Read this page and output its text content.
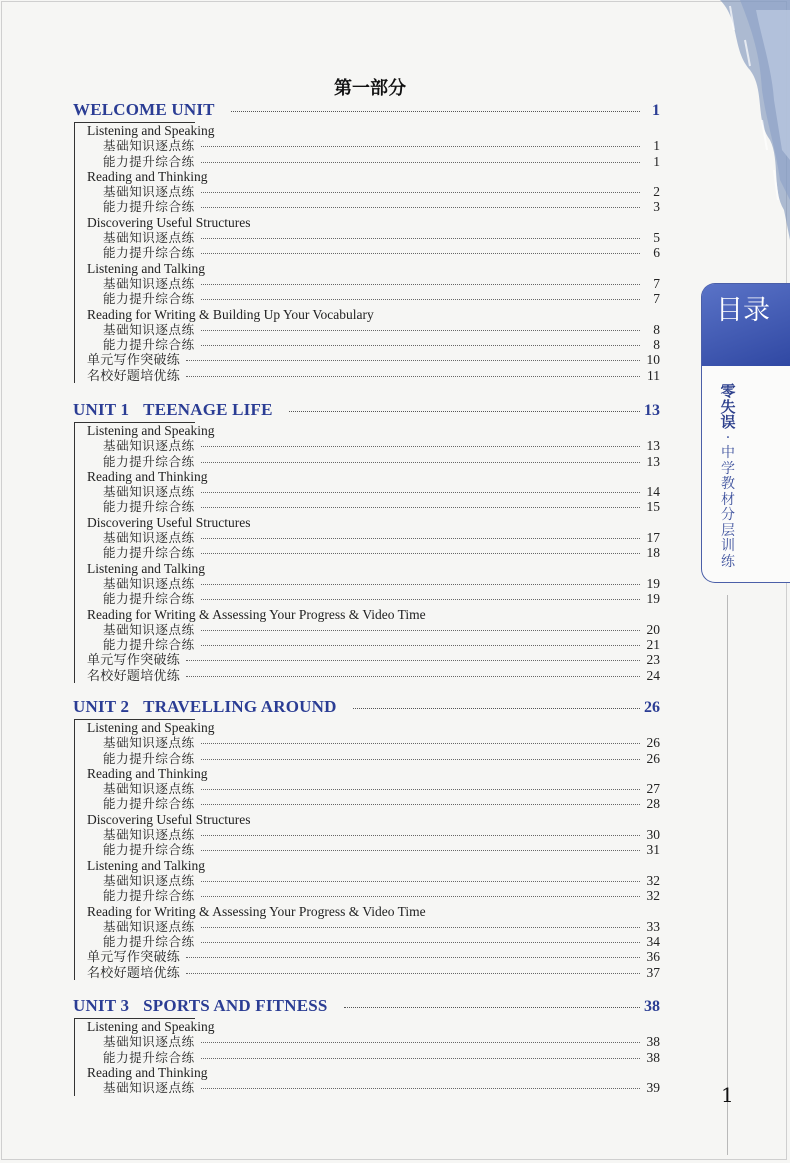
第一部分
目录
零失误
·
中学教材分层训练
1
WELCOME UNIT	1
Listening and Speaking
基础知识逐点练	1
能力提升综合练	1
Reading and Thinking
基础知识逐点练	2
能力提升综合练	3
Discovering Useful Structures
基础知识逐点练	5
能力提升综合练	6
Listening and Talking
基础知识逐点练	7
能力提升综合练	7
Reading for Writing & Building Up Your Vocabulary
基础知识逐点练	8
能力提升综合练	8
单元写作突破练	10
名校好题培优练	11
UNIT 1 TEENAGE LIFE	13
Listening and Speaking
基础知识逐点练	13
能力提升综合练	13
Reading and Thinking
基础知识逐点练	14
能力提升综合练	15
Discovering Useful Structures
基础知识逐点练	17
能力提升综合练	18
Listening and Talking
基础知识逐点练	19
能力提升综合练	19
Reading for Writing & Assessing Your Progress & Video Time
基础知识逐点练	20
能力提升综合练	21
单元写作突破练	23
名校好题培优练	24
UNIT 2 TRAVELLING AROUND	26
Listening and Speaking
基础知识逐点练	26
能力提升综合练	26
Reading and Thinking
基础知识逐点练	27
能力提升综合练	28
Discovering Useful Structures
基础知识逐点练	30
能力提升综合练	31
Listening and Talking
基础知识逐点练	32
能力提升综合练	32
Reading for Writing & Assessing Your Progress & Video Time
基础知识逐点练	33
能力提升综合练	34
单元写作突破练	36
名校好题培优练	37
UNIT 3 SPORTS AND FITNESS	38
Listening and Speaking
基础知识逐点练	38
能力提升综合练	38
Reading and Thinking
基础知识逐点练	39
